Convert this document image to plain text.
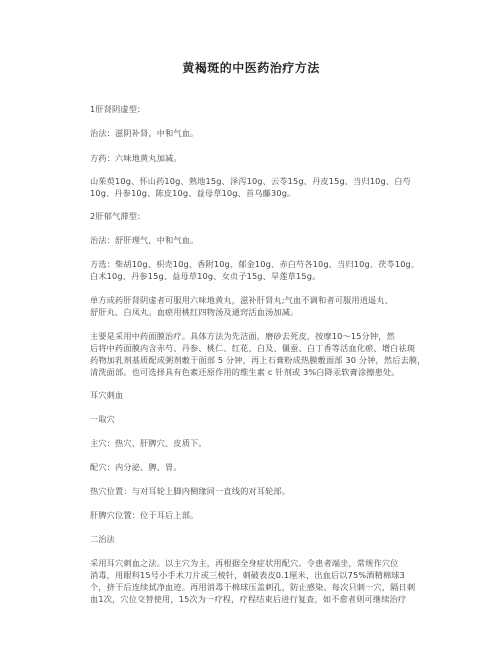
黄褐斑的中医药治疗方法
1肝肾阴虚型：
治法：滋阴补肾，中和气血。
方药：六味地黄丸加减。
山茱萸10g、怀山药10g、熟地15g、泽泻10g、云苓15g、丹皮15g、当归10g、白芍
10g、丹参10g、陈皮10g、益母草10g、首乌藤30g。
2肝郁气滞型：
治法：舒肝理气，中和气血。
方选：柴胡10g、枳壳10g、香附10g、郁金10g、赤白芍各10g、当归10g、茯苓10g、
白术10g、丹参15g、益母草10g、女贞子15g、旱莲草15g。
单方成药肝肾阴虚者可服用六味地黄丸，滋补肝肾丸;气血不调和者可服用逍遥丸、
舒肝丸、白凤丸。血瘀用桃红四物汤及通窍活血汤加减。
主要是采用中药面膜治疗。具体方法为先洁面，磨砂去死皮，按摩10～15分钟，然
后将中药面膜内含赤芍、丹参、桃仁、红花、白及、僵蚕、白丁香等活血化瘀、增白祛斑
药物加乳剂基质配成粥剂敷于面部 5 分钟，再上石膏粉成热膜敷面部 30 分钟，然后去膜，
清洗面部。也可选择具有色素还原作用的维生素 c 针剂或 3%白降汞软膏涂擦患处。
耳穴刺血
一取穴
主穴：热穴、肝脾穴、皮质下。
配穴：内分泌、脾、胃。
热穴位置：与对耳轮上脚内侧缘同一直线的对耳轮部。
肝脾穴位置：位于耳后上部。
二治法
采用耳穴刺血之法。以主穴为主，再根据全身症状用配穴。令患者端坐，常规作穴位
消毒，用眼科15号小手术刀片或三棱针，刺破表皮0.1厘米，出血后以75%酒精棉球3
个，挤干后连续拭净血迹。再用消毒干棉球压盖刺孔，防止感染。每次只刺一穴，隔日刺
血1次，穴位交替使用，15次为一疗程，疗程结束后进行复查，如不愈者则可继续治疗
